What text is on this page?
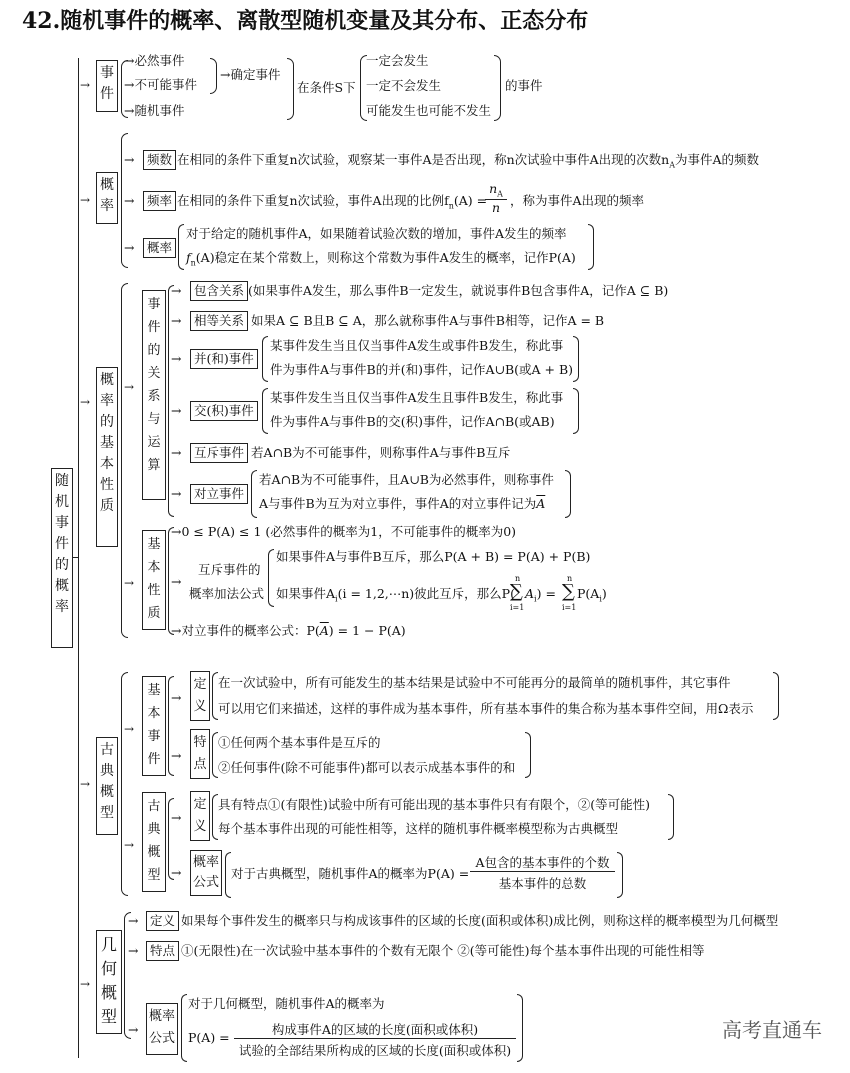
42.随机事件的概率、离散型随机变量及其分布、正态分布
随机事件的概率
→
事件
→必然事件
→不可能事件
→随机事件
→确定事件
在条件S下
一定会发生
一定不会发生
可能发生也可能不发生
的事件
→
概率
→	频数 在相同的条件下重复n次试验，观察某一事件A是否出现，称n次试验中事件A出现的次数$n_A$为事件A的频数
→	频率 在相同的条件下重复n次试验，事件A出现的比例$f_n(A)$ =
$\frac{n_A}{n}$ ，称为事件A出现的频率
→	概率
对于给定的随机事件A，如果随着试验次数的增加，事件A发生的频率
$f_n(A)$稳定在某个常数上，则称这个常数为事件A发生的概率，记作P(A)
→
概率的基本性质
→
事件的关系与运算
→	包含关系 (如果事件A发生，那么事件B一定发生，就说事件B包含事件A，记作A ⊆ B)
→	相等关系 如果A ⊆ B且B ⊆ A，那么就称事件A与事件B相等，记作A = B
→	并(和)事件
某事件发生当且仅当事件A发生或事件B发生，称此事
件为事件A与事件B的并(和)事件，记作A∪B(或A + B)
→	交(积)事件
某事件发生当且仅当事件A发生且事件B发生，称此事
件为事件A与事件B的交(积)事件，记作A∩B(或AB)
→	互斥事件 若A∩B为不可能事件，则称事件A与事件B互斥
→	对立事件
若A∩B为不可能事件，且A∪B为必然事件，则称事件
A与事件B为互为对立事件，事件A的对立事件记为$\overline{A}$
→
基本性质
→0 ≤ P(A) ≤ 1 (必然事件的概率为1，不可能事件的概率为0)
→
互斥事件的
概率加法公式
如果事件A与事件B互斥，那么P(A + B) = P(A) + P(B)
如果事件$A_i(i$ = 1,2,⋯n)彼此互斥，那么P(
n
∑
i=1
$A_i$) =
n
∑
i=1
$P(A_i)$
→对立事件的概率公式：$P(\overline{A}) = 1 - P(A)$
→
古典概型
→
基本事件
→
定义
在一次试验中，所有可能发生的基本结果是试验中不可能再分的最简单的随机事件，其它事件
可以用它们来描述，这样的事件成为基本事件，所有基本事件的集合称为基本事件空间，用Ω表示
→
特点
①任何两个基本事件是互斥的
②任何事件(除不可能事件)都可以表示成基本事件的和
→
古典概型
→
定义
具有特点①(有限性)试验中所有可能出现的基本事件只有有限个，②(等可能性)
每个基本事件出现的可能性相等，这样的随机事件概率模型称为古典概型
→
概率公式
对于古典概型，随机事件A的概率为P(A) =
A包含的基本事件的个数
基本事件的总数
→
几何概型
→ 定义 如果每个事件发生的概率只与构成该事件的区域的长度(面积或体积)成比例，则称这样的概率模型为几何概型
→ 特点 ①(无限性)在一次试验中基本事件的个数有无限个 ②(等可能性)每个基本事件出现的可能性相等
→
概率公式
对于几何概型，随机事件A的概率为
P(A) =
构成事件A的区域的长度(面积或体积)
试验的全部结果所构成的区域的长度(面积或体积)
高考直通车
